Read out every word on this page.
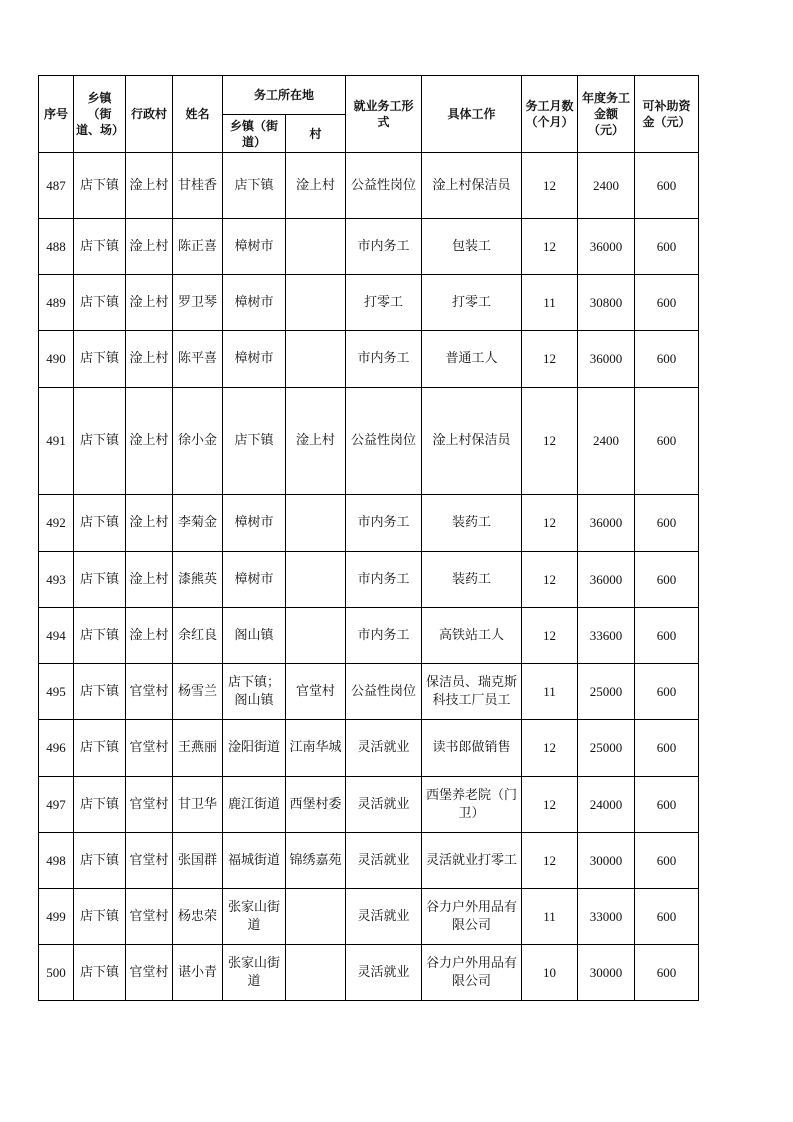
序号	乡镇（街道、场）	行政村	姓名	务工所在地		就业务工形式	具体工作	务工月数（个月）	年度务工金额（元）	可补助资金（元）
				乡镇（街道）	村					
487	店下镇	淦上村	甘桂香	店下镇	淦上村	公益性岗位	淦上村保洁员	12	2400	600
488	店下镇	淦上村	陈正喜	樟树市		市内务工	包装工	12	36000	600
489	店下镇	淦上村	罗卫琴	樟树市		打零工	打零工	11	30800	600
490	店下镇	淦上村	陈平喜	樟树市		市内务工	普通工人	12	36000	600
491	店下镇	淦上村	徐小金	店下镇	淦上村	公益性岗位	淦上村保洁员	12	2400	600
492	店下镇	淦上村	李菊金	樟树市		市内务工	装药工	12	36000	600
493	店下镇	淦上村	漆熊英	樟树市		市内务工	装药工	12	36000	600
494	店下镇	淦上村	余红良	阁山镇		市内务工	高铁站工人	12	33600	600
495	店下镇	官堂村	杨雪兰	店下镇；阁山镇	官堂村	公益性岗位	保洁员、瑞克斯科技工厂员工	11	25000	600
496	店下镇	官堂村	王燕丽	淦阳街道	江南华城	灵活就业	读书郎做销售	12	25000	600
497	店下镇	官堂村	甘卫华	鹿江街道	西堡村委	灵活就业	西堡养老院（门卫）	12	24000	600
498	店下镇	官堂村	张国群	福城街道	锦绣嘉苑	灵活就业	灵活就业打零工	12	30000	600
499	店下镇	官堂村	杨忠荣	张家山街道		灵活就业	谷力户外用品有限公司	11	33000	600
500	店下镇	官堂村	谌小青	张家山街道		灵活就业	谷力户外用品有限公司	10	30000	600
